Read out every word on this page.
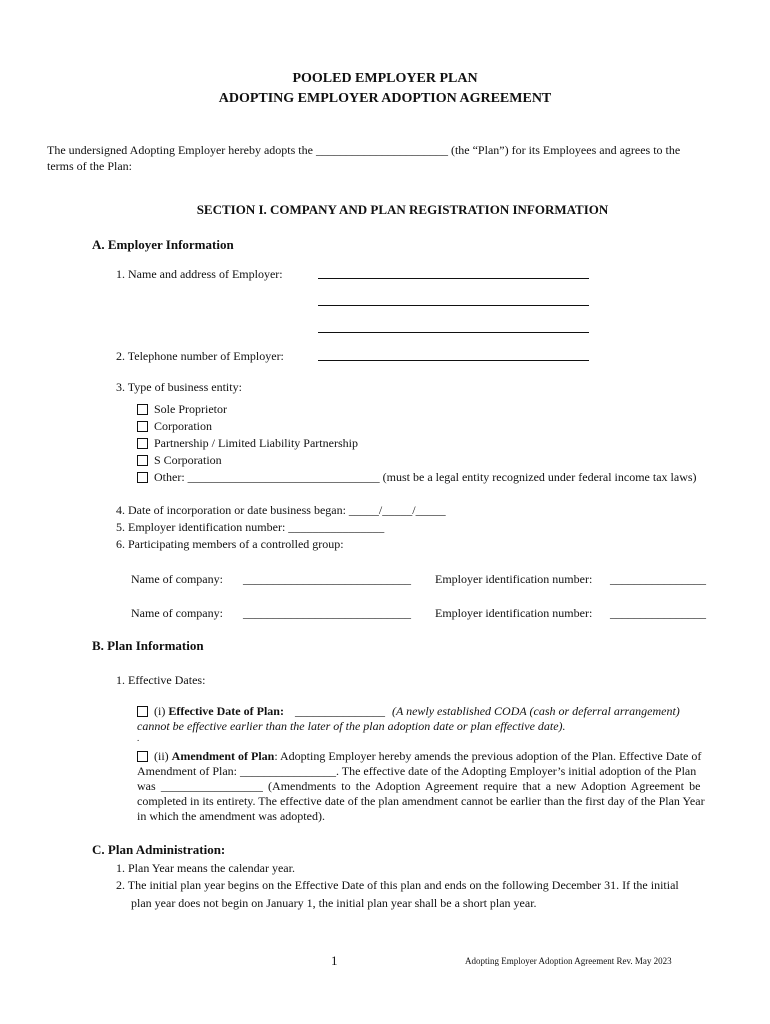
POOLED EMPLOYER PLAN
ADOPTING EMPLOYER ADOPTION AGREEMENT
The undersigned Adopting Employer hereby adopts the ______________________ (the “Plan”) for its Employees and agrees to the
terms of the Plan:
SECTION I. COMPANY AND PLAN REGISTRATION INFORMATION
A. Employer Information
1. Name and address of Employer:
2. Telephone number of Employer:
3. Type of business entity:
Sole Proprietor
Corporation
Partnership / Limited Liability Partnership
S Corporation
Other: ________________________________ (must be a legal entity recognized under federal income tax laws)
4. Date of incorporation or date business began: _____/_____/_____
5. Employer identification number: ________________
6. Participating members of a controlled group:
Name of company: ____________________________ Employer identification number: ________________
Name of company: ____________________________ Employer identification number: ________________
B. Plan Information
1. Effective Dates:
(i) Effective Date of Plan: _______________ (A newly established CODA (cash or deferral arrangement)
cannot be effective earlier than the later of the plan adoption date or plan effective date).
.
(ii) Amendment of Plan: Adopting Employer hereby amends the previous adoption of the Plan. Effective Date of
Amendment of Plan: ________________. The effective date of the Adopting Employer’s initial adoption of the Plan
was _________________ (Amendments to the Adoption Agreement require that a new Adoption Agreement be
completed in its entirety. The effective date of the plan amendment cannot be earlier than the first day of the Plan Year
in which the amendment was adopted).
C. Plan Administration:
1. Plan Year means the calendar year.
2. The initial plan year begins on the Effective Date of this plan and ends on the following December 31. If the initial
plan year does not begin on January 1, the initial plan year shall be a short plan year.
1	Adopting Employer Adoption Agreement Rev. May 2023
